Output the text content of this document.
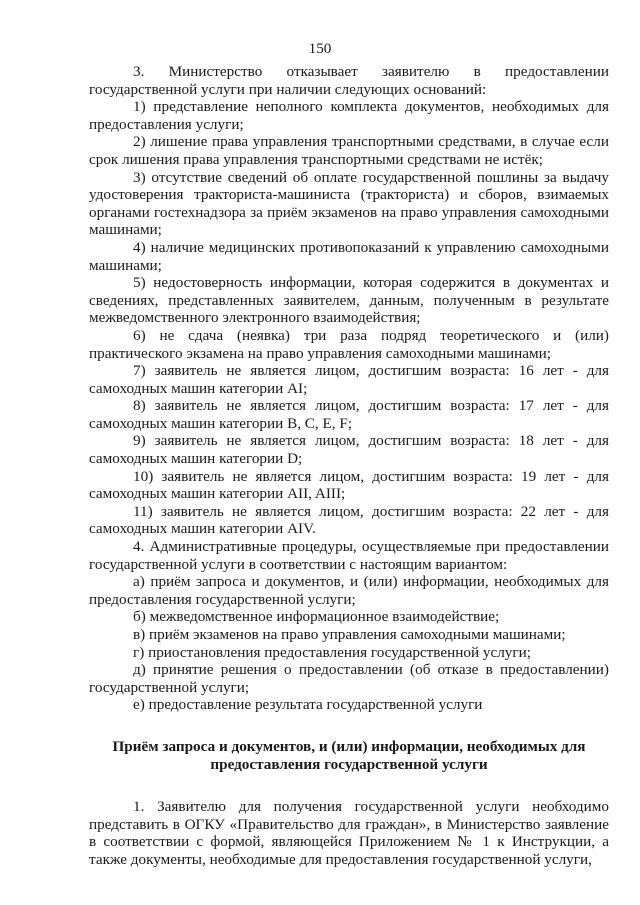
150
3. Министерство отказывает заявителю в предоставлении государственной услуги при наличии следующих оснований:
1) представление неполного комплекта документов, необходимых для предоставления услуги;
2) лишение права управления транспортными средствами, в случае если срок лишения права управления транспортными средствами не истёк;
3) отсутствие сведений об оплате государственной пошлины за выдачу удостоверения тракториста-машиниста (тракториста) и сборов, взимаемых органами гостехнадзора за приём экзаменов на право управления самоходными машинами;
4) наличие медицинских противопоказаний к управлению самоходными машинами;
5) недостоверность информации, которая содержится в документах и сведениях, представленных заявителем, данным, полученным в результате межведомственного электронного взаимодействия;
6) не сдача (неявка) три раза подряд теоретического и (или) практического экзамена на право управления самоходными машинами;
7) заявитель не является лицом, достигшим возраста: 16 лет - для самоходных машин категории AI;
8) заявитель не является лицом, достигшим возраста: 17 лет - для самоходных машин категории B, C, E, F;
9) заявитель не является лицом, достигшим возраста: 18 лет - для самоходных машин категории D;
10) заявитель не является лицом, достигшим возраста: 19 лет - для самоходных машин категории AII, AIII;
11) заявитель не является лицом, достигшим возраста: 22 лет - для самоходных машин категории AIV.
4. Административные процедуры, осуществляемые при предоставлении государственной услуги в соответствии с настоящим вариантом:
а) приём запроса и документов, и (или) информации, необходимых для предоставления государственной услуги;
б) межведомственное информационное взаимодействие;
в) приём экзаменов на право управления самоходными машинами;
г) приостановления предоставления государственной услуги;
д) принятие решения о предоставлении (об отказе в предоставлении) государственной услуги;
е) предоставление результата государственной услуги
Приём запроса и документов, и (или) информации, необходимых для предоставления государственной услуги
1. Заявителю для получения государственной услуги необходимо представить в ОГКУ «Правительство для граждан», в Министерство заявление в соответствии с формой, являющейся Приложением № 1 к Инструкции, а также документы, необходимые для предоставления государственной услуги,
